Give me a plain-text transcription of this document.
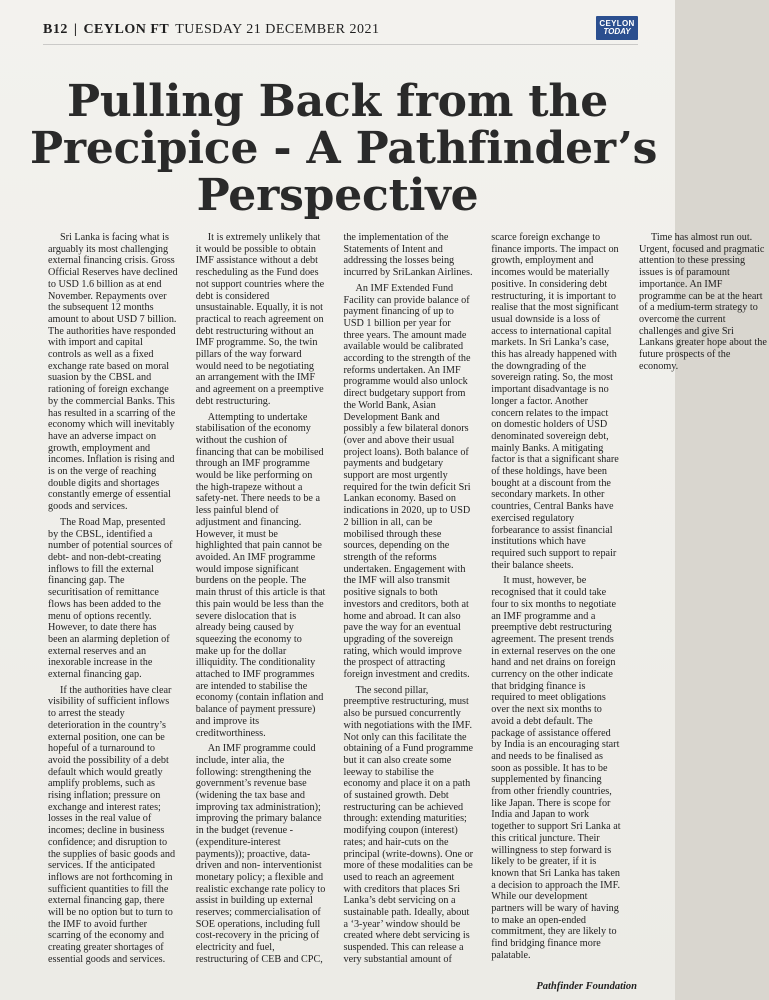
B12 | CEYLON FT TUESDAY 21 DECEMBER 2021	CEYLON
TODAY
Pulling Back from the
Precipice - A Pathfinder’s
Perspective

Sri Lanka is facing what is arguably its most challenging external financing crisis. Gross Official Reserves have declined to USD 1.6 billion as at end November. Repayments over the subsequent 12 months amount to about USD 7 billion. The authorities have responded with import and capital controls as well as a fixed exchange rate based on moral suasion by the CBSL and rationing of foreign exchange by the commercial Banks. This has resulted in a scarring of the economy which will inevitably have an adverse impact on growth, employment and incomes. Inflation is rising and is on the verge of reaching double digits and shortages constantly emerge of essential goods and services.

The Road Map, presented by the CBSL, identified a number of potential sources of debt- and non-debt-creating inflows to fill the external financing gap. The securitisation of remittance flows has been added to the menu of options recently. However, to date there has been an alarming depletion of external reserves and an inexorable increase in the external financing gap.

If the authorities have clear visibility of sufficient inflows to arrest the steady deterioration in the country’s external position, one can be hopeful of a turnaround to avoid the possibility of a debt default which would greatly amplify problems, such as rising inflation; pressure on exchange and interest rates; losses in the real value of incomes; decline in business confidence; and disruption to the supplies of basic goods and services. If the anticipated inflows are not forthcoming in sufficient quantities to fill the external financing gap, there will be no option but to turn to the IMF to avoid further scarring of the economy and creating greater shortages of essential goods and services.

It is extremely unlikely that it would be possible to obtain IMF assistance without a debt rescheduling as the Fund does not support countries where the debt is considered unsustainable. Equally, it is not practical to reach agreement on debt restructuring without an IMF programme. So, the twin pillars of the way forward would need to be negotiating an arrangement with the IMF and agreement on a preemptive debt restructuring.

Attempting to undertake stabilisation of the economy without the cushion of financing that can be mobilised through an IMF programme would be like performing on the high-trapeze without a safety-net. There needs to be a less painful blend of adjustment and financing. However, it must be highlighted that pain cannot be avoided. An IMF programme would impose significant burdens on the people. The main thrust of this article is that this pain would be less than the severe dislocation that is already being caused by squeezing the economy to make up for the dollar illiquidity. The conditionality attached to IMF programmes are intended to stabilise the economy (contain inflation and balance of payment pressure) and improve its creditworthiness.

An IMF programme could include, inter alia, the following: strengthening the government’s revenue base (widening the tax base and improving tax administration); improving the primary balance in the budget (revenue - (expenditure-interest payments)); proactive, data-driven and non- interventionist monetary policy; a flexible and realistic exchange rate policy to assist in building up external reserves; commercialisation of SOE operations, including full cost-recovery in the pricing of electricity and fuel, restructuring of CEB and CPC, the implementation of the Statements of Intent and addressing the losses being incurred by SriLankan Airlines.

An IMF Extended Fund Facility can provide balance of payment financing of up to USD 1 billion per year for three years. The amount made available would be calibrated according to the strength of the reforms undertaken. An IMF programme would also unlock direct budgetary support from the World Bank, Asian Development Bank and possibly a few bilateral donors (over and above their usual project loans). Both balance of payments and budgetary support are most urgently required for the twin deficit Sri Lankan economy. Based on indications in 2020, up to USD 2 billion in all, can be mobilised through these sources, depending on the strength of the reforms undertaken. Engagement with the IMF will also transmit positive signals to both investors and creditors, both at home and abroad. It can also pave the way for an eventual upgrading of the sovereign rating, which would improve the prospect of attracting foreign investment and credits.

The second pillar, preemptive restructuring, must also be pursued concurrently with negotiations with the IMF. Not only can this facilitate the obtaining of a Fund programme but it can also create some leeway to stabilise the economy and place it on a path of sustained growth. Debt restructuring can be achieved through: extending maturities; modifying coupon (interest) rates; and hair-cuts on the principal (write-downs). One or more of these modalities can be used to reach an agreement with creditors that places Sri Lanka’s debt servicing on a sustainable path. Ideally, about a ‘3-year’ window should be created where debt servicing is suspended. This can release a very substantial amount of scarce foreign exchange to finance imports. The impact on growth, employment and incomes would be materially positive. In considering debt restructuring, it is important to realise that the most significant usual downside is a loss of access to international capital markets. In Sri Lanka’s case, this has already happened with the downgrading of the sovereign rating. So, the most important disadvantage is no longer a factor. Another concern relates to the impact on domestic holders of USD denominated sovereign debt, mainly Banks. A mitigating factor is that a significant share of these holdings, have been bought at a discount from the secondary markets. In other countries, Central Banks have exercised regulatory forbearance to assist financial institutions which have required such support to repair their balance sheets.

It must, however, be recognised that it could take four to six months to negotiate an IMF programme and a preemptive debt restructuring agreement. The present trends in external reserves on the one hand and net drains on foreign currency on the other indicate that bridging finance is required to meet obligations over the next six months to avoid a debt default. The package of assistance offered by India is an encouraging start and needs to be finalised as soon as possible. It has to be supplemented by financing from other friendly countries, like Japan. There is scope for India and Japan to work together to support Sri Lanka at this critical juncture. Their willingness to step forward is likely to be greater, if it is known that Sri Lanka has taken a decision to approach the IMF. While our development partners will be wary of having to make an open-ended commitment, they are likely to find bridging finance more palatable.

Time has almost run out. Urgent, focused and pragmatic attention to these pressing issues is of paramount importance. An IMF programme can be at the heart of a medium-term strategy to overcome the current challenges and give Sri Lankans greater hope about the future prospects of the economy.

Pathfinder Foundation
